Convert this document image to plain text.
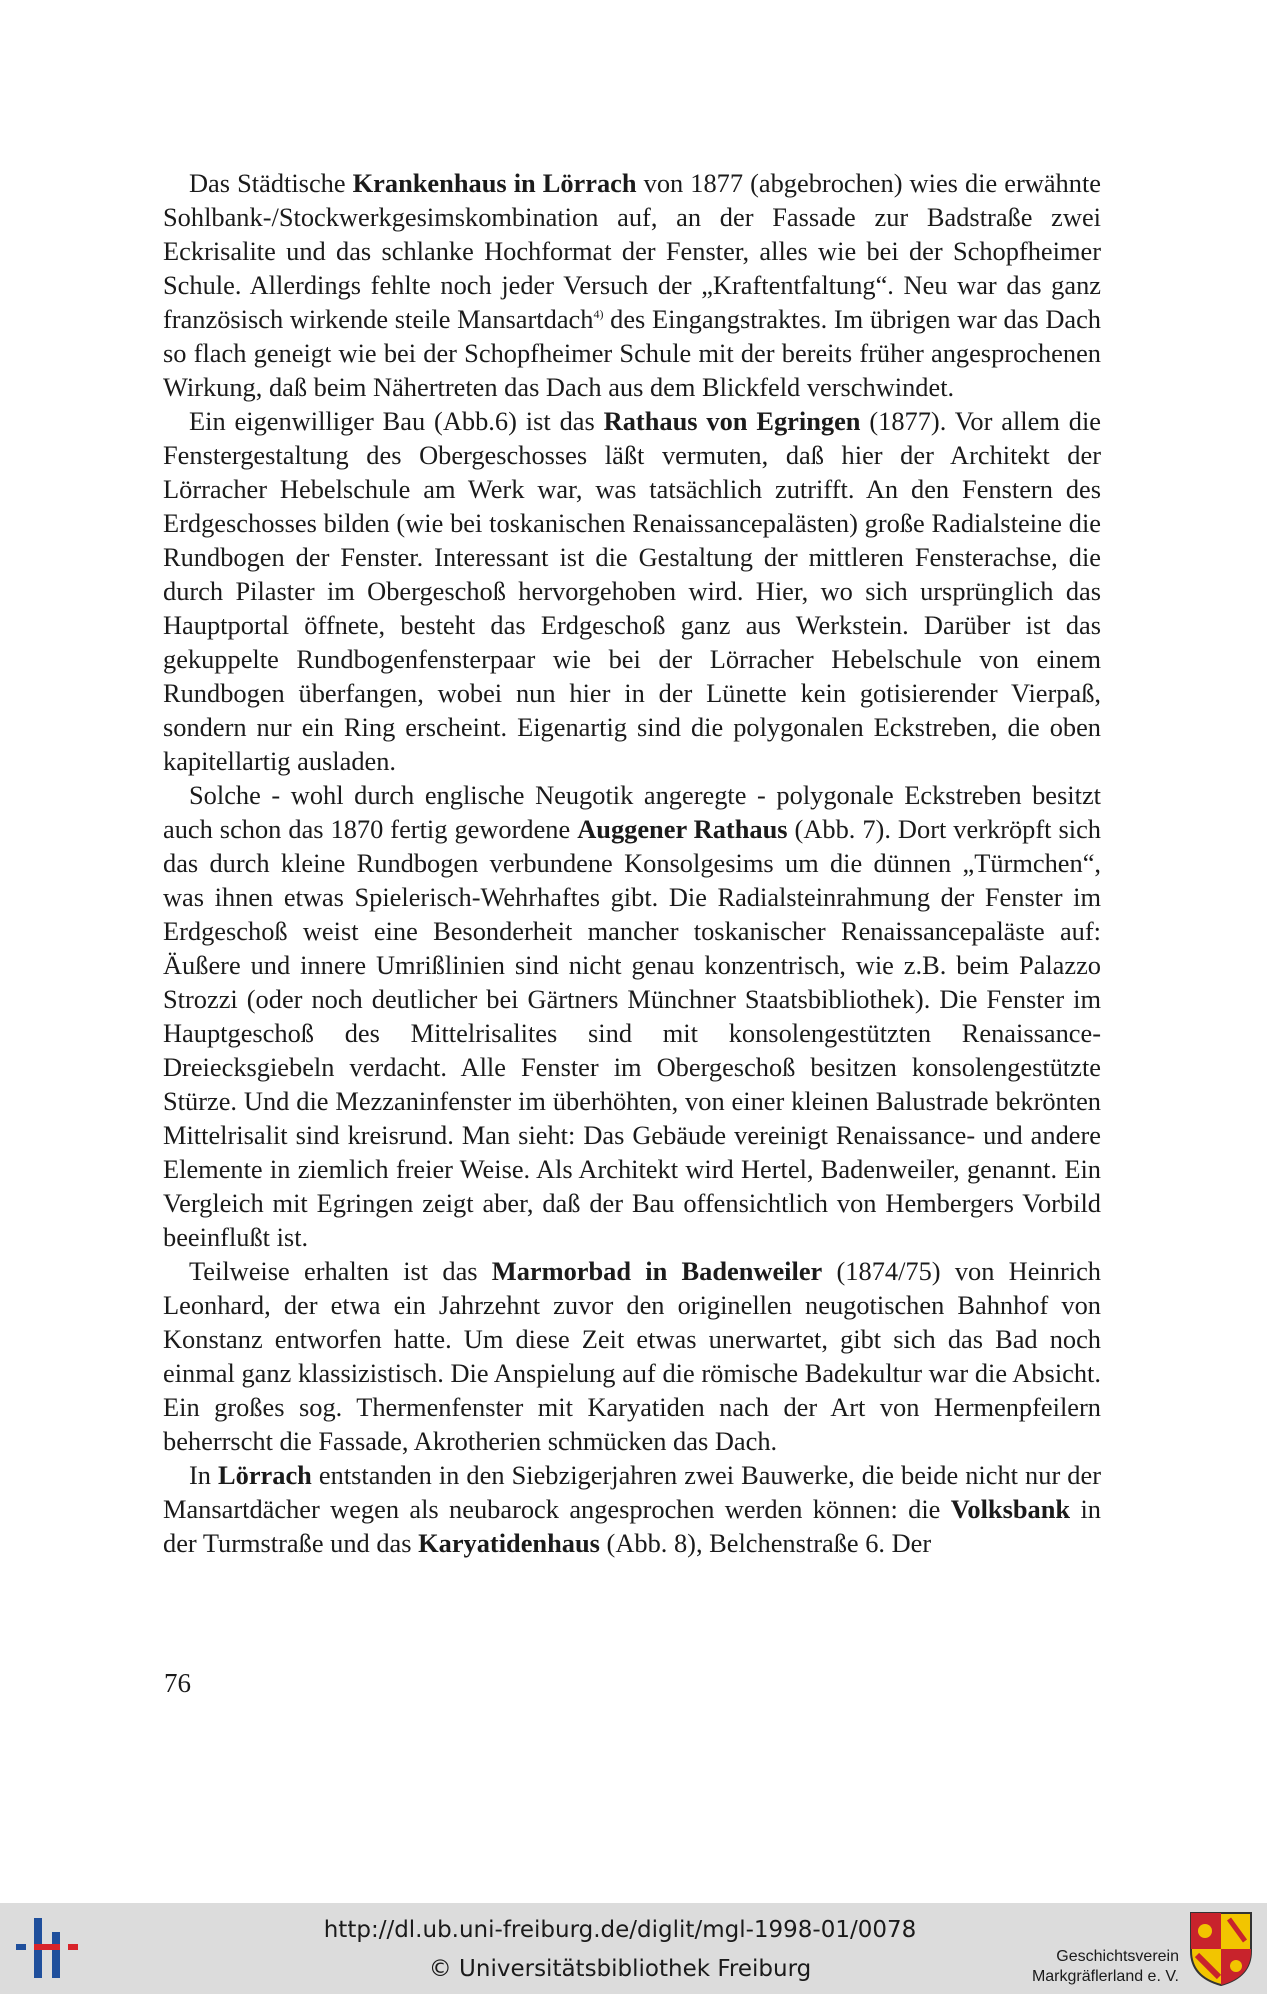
Das Städtische Krankenhaus in Lörrach von 1877 (abgebrochen) wies die erwähnte Sohlbank-/Stockwerkgesimskombination auf, an der Fassade zur Badstraße zwei Eckrisalite und das schlanke Hochformat der Fenster, alles wie bei der Schopfheimer Schule. Allerdings fehlte noch jeder Versuch der „Kraftentfaltung“. Neu war das ganz französisch wirkende steile Mansartdach$^{4)}$ des Eingangstraktes. Im übrigen war das Dach so flach geneigt wie bei der Schopfheimer Schule mit der bereits früher angesprochenen Wirkung, daß beim Nähertreten das Dach aus dem Blickfeld verschwindet.

Ein eigenwilliger Bau (Abb.6) ist das Rathaus von Egringen (1877). Vor allem die Fenstergestaltung des Obergeschosses läßt vermuten, daß hier der Architekt der Lörracher Hebelschule am Werk war, was tatsächlich zutrifft. An den Fenstern des Erdgeschosses bilden (wie bei toskanischen Renaissancepalästen) große Radialsteine die Rundbogen der Fenster. Interessant ist die Gestaltung der mittleren Fensterachse, die durch Pilaster im Obergeschoß hervorgehoben wird. Hier, wo sich ursprünglich das Hauptportal öffnete, besteht das Erdgeschoß ganz aus Werkstein. Darüber ist das gekuppelte Rundbogenfensterpaar wie bei der Lörracher Hebelschule von einem Rundbogen überfangen, wobei nun hier in der Lünette kein gotisierender Vierpaß, sondern nur ein Ring erscheint. Eigenartig sind die polygonalen Eckstreben, die oben kapitellartig ausladen.

Solche - wohl durch englische Neugotik angeregte - polygonale Eckstreben besitzt auch schon das 1870 fertig gewordene Auggener Rathaus (Abb. 7). Dort verkröpft sich das durch kleine Rundbogen verbundene Konsolgesims um die dünnen „Türmchen“, was ihnen etwas Spielerisch-Wehrhaftes gibt. Die Radialsteinrahmung der Fenster im Erdgeschoß weist eine Besonderheit mancher toskanischer Renaissancepaläste auf: Äußere und innere Umrißlinien sind nicht genau konzentrisch, wie z.B. beim Palazzo Strozzi (oder noch deutlicher bei Gärtners Münchner Staatsbibliothek). Die Fenster im Hauptgeschoß des Mittelrisalites sind mit konsolengestützten Renaissance-Dreiecksgiebeln verdacht. Alle Fenster im Obergeschoß besitzen konsolengestützte Stürze. Und die Mezzaninfenster im überhöhten, von einer kleinen Balustrade bekrönten Mittelrisalit sind kreisrund. Man sieht: Das Gebäude vereinigt Renaissance- und andere Elemente in ziemlich freier Weise. Als Architekt wird Hertel, Badenweiler, genannt. Ein Vergleich mit Egringen zeigt aber, daß der Bau offensichtlich von Hembergers Vorbild beeinflußt ist.

Teilweise erhalten ist das Marmorbad in Badenweiler (1874/75) von Heinrich Leonhard, der etwa ein Jahrzehnt zuvor den originellen neugotischen Bahnhof von Konstanz entworfen hatte. Um diese Zeit etwas unerwartet, gibt sich das Bad noch einmal ganz klassizistisch. Die Anspielung auf die römische Badekultur war die Absicht. Ein großes sog. Thermenfenster mit Karyatiden nach der Art von Hermenpfeilern beherrscht die Fassade, Akrotherien schmücken das Dach.

In Lörrach entstanden in den Siebzigerjahren zwei Bauwerke, die beide nicht nur der Mansartdächer wegen als neubarock angesprochen werden können: die Volksbank in der Turmstraße und das Karyatidenhaus (Abb. 8), Belchenstraße 6. Der

76
http://dl.ub.uni-freiburg.de/diglit/mgl-1998-01/0078
© Universitätsbibliothek Freiburg	Geschichtsverein
Markgräflerland e. V.
